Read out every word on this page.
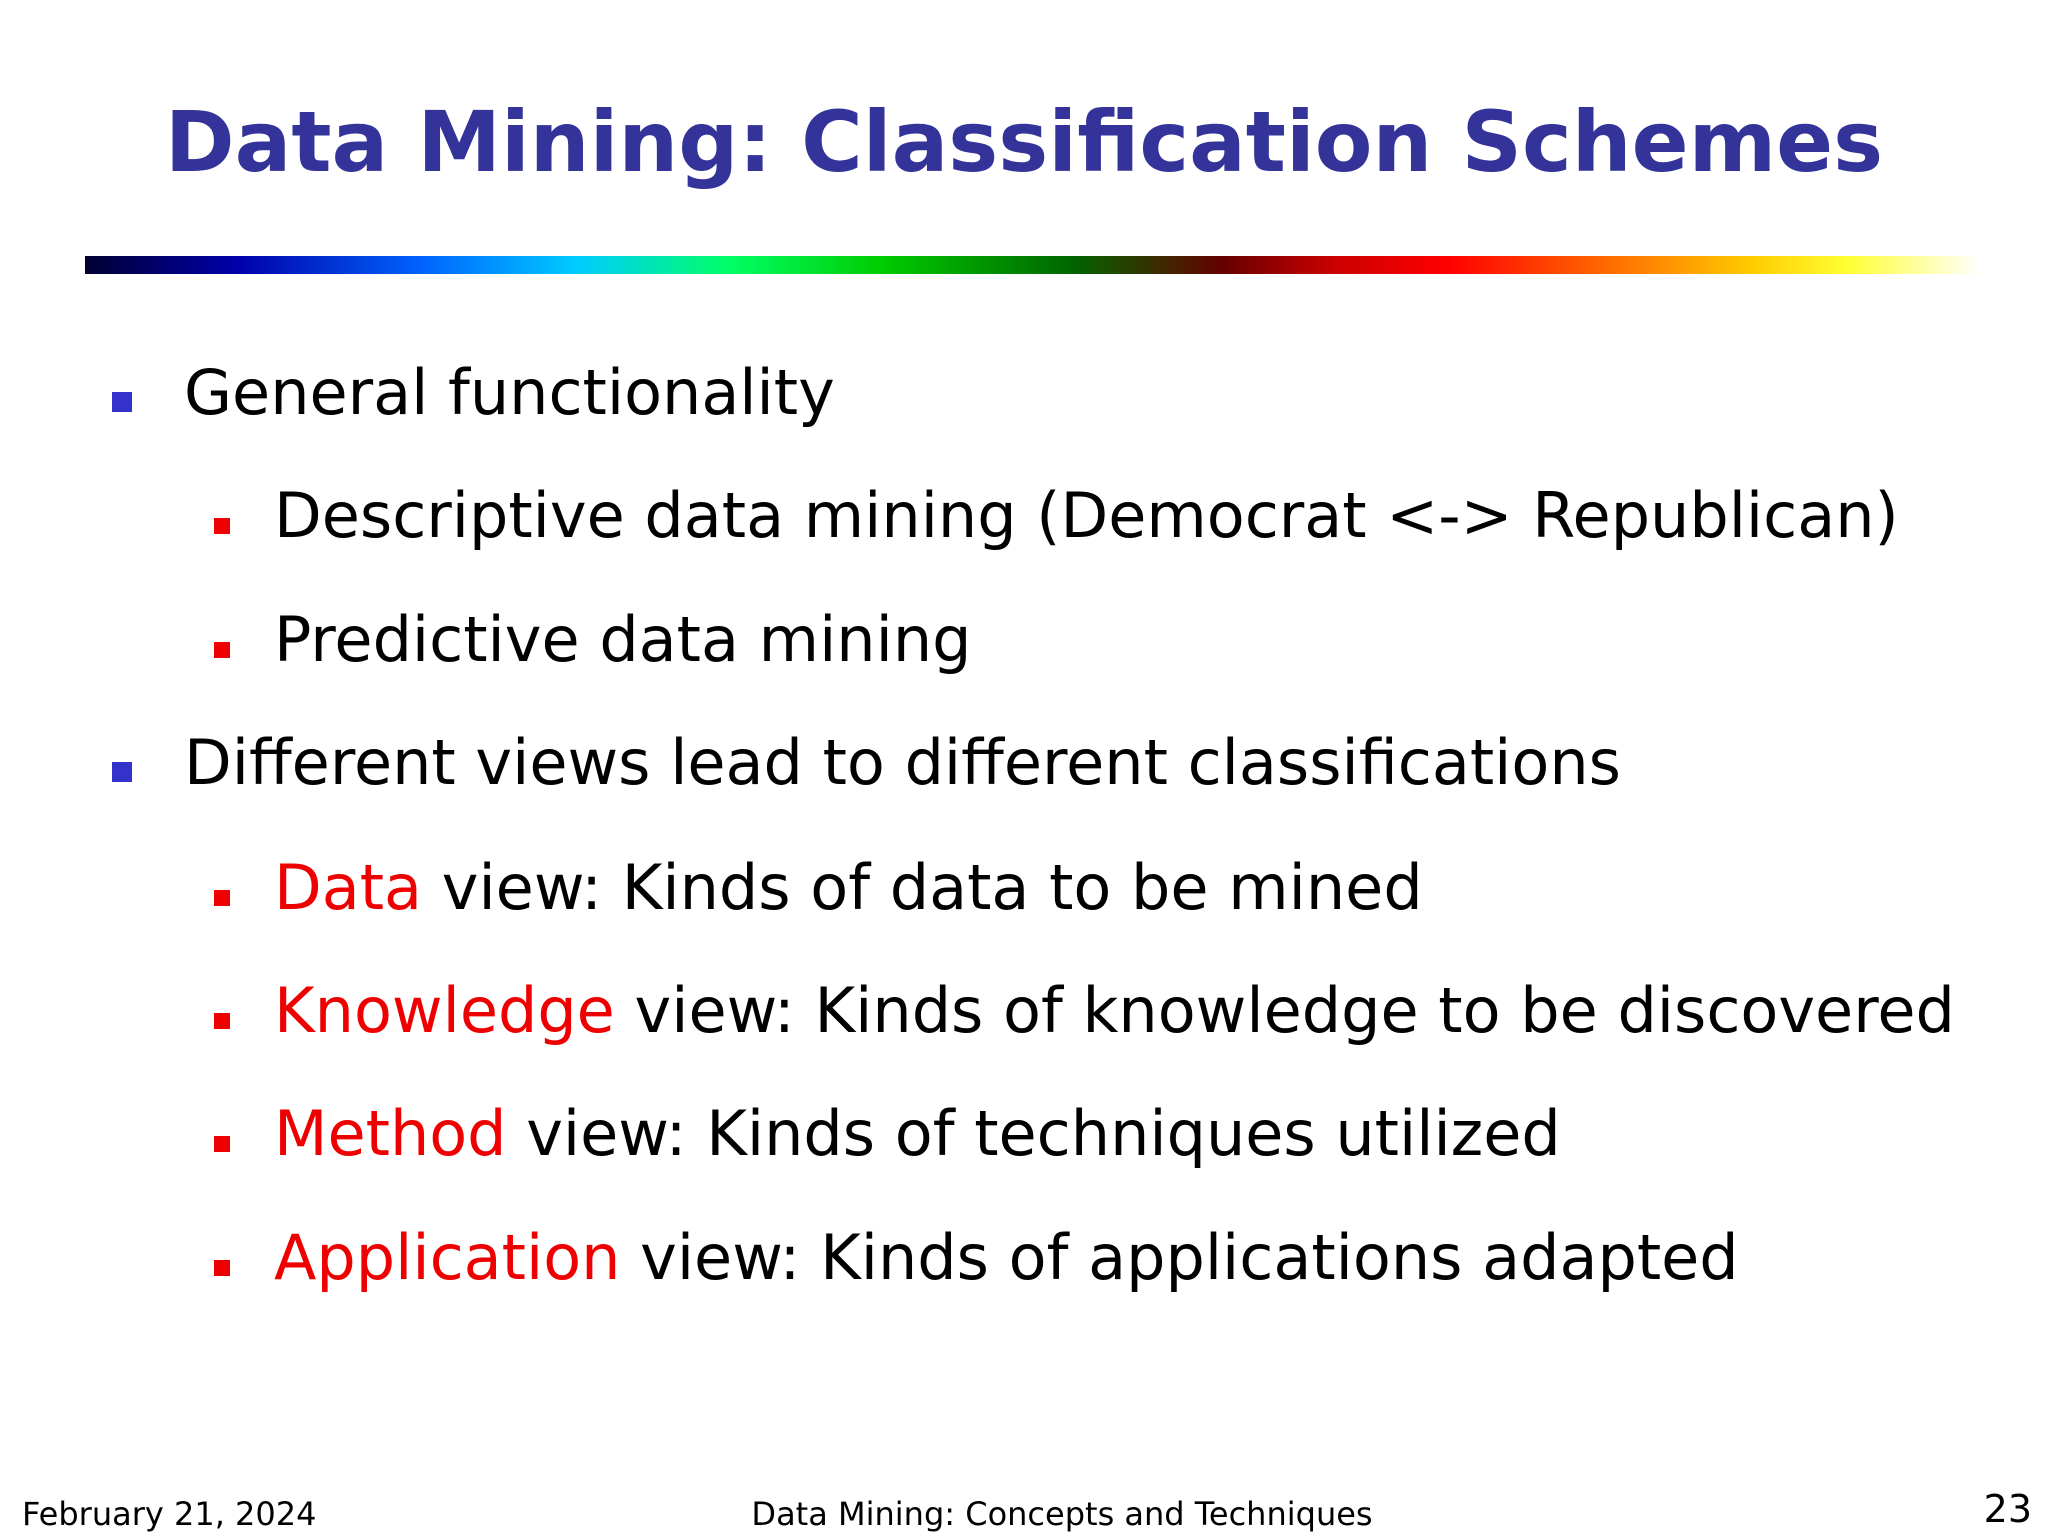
Data Mining: Classification Schemes
General functionality
Descriptive data mining (Democrat <-> Republican)
Predictive data mining
Different views lead to different classifications
Data view: Kinds of data to be mined
Knowledge view: Kinds of knowledge to be discovered
Method view: Kinds of techniques utilized
Application view: Kinds of applications adapted
February 21, 2024	Data Mining: Concepts and Techniques	23
